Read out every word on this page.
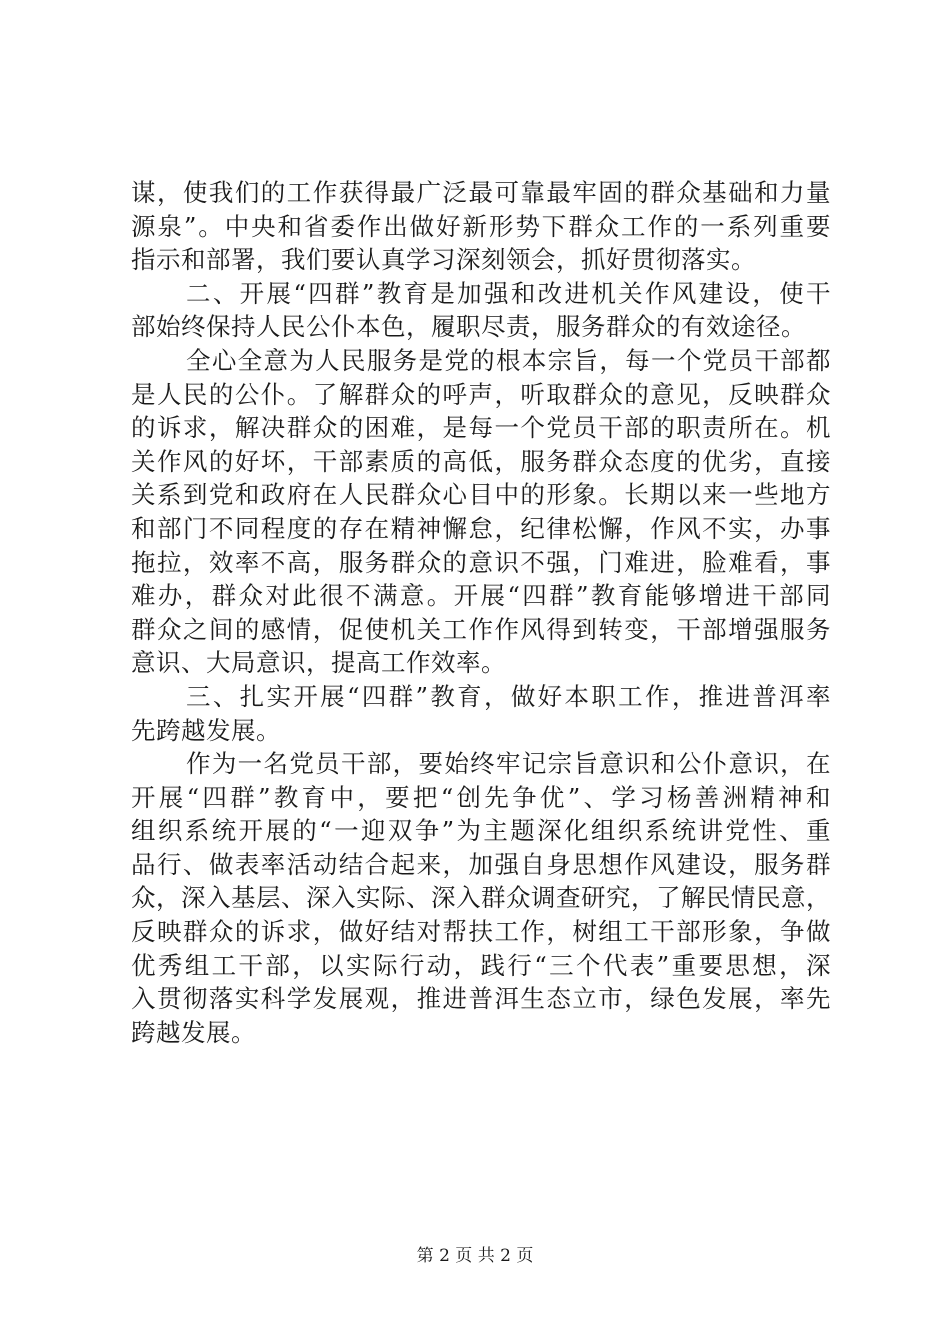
谋，使我们的工作获得最广泛最可靠最牢固的群众基础和力量
源泉”。中央和省委作出做好新形势下群众工作的一系列重要
指示和部署，我们要认真学习深刻领会，抓好贯彻落实。
二、开展“四群”教育是加强和改进机关作风建设，使干
部始终保持人民公仆本色，履职尽责，服务群众的有效途径。
全心全意为人民服务是党的根本宗旨，每一个党员干部都
是人民的公仆。了解群众的呼声，听取群众的意见，反映群众
的诉求，解决群众的困难，是每一个党员干部的职责所在。机
关作风的好坏，干部素质的高低，服务群众态度的优劣，直接
关系到党和政府在人民群众心目中的形象。长期以来一些地方
和部门不同程度的存在精神懈怠，纪律松懈，作风不实，办事
拖拉，效率不高，服务群众的意识不强，门难进，脸难看，事
难办，群众对此很不满意。开展“四群”教育能够增进干部同
群众之间的感情，促使机关工作作风得到转变，干部增强服务
意识、大局意识，提高工作效率。
三、扎实开展“四群”教育，做好本职工作，推进普洱率
先跨越发展。
作为一名党员干部，要始终牢记宗旨意识和公仆意识，在
开展“四群”教育中，要把“创先争优”、学习杨善洲精神和
组织系统开展的“一迎双争”为主题深化组织系统讲党性、重
品行、做表率活动结合起来，加强自身思想作风建设，服务群
众，深入基层、深入实际、深入群众调查研究，了解民情民意，
反映群众的诉求，做好结对帮扶工作，树组工干部形象，争做
优秀组工干部，以实际行动，践行“三个代表”重要思想，深
入贯彻落实科学发展观，推进普洱生态立市，绿色发展，率先
跨越发展。
第 2 页 共 2 页
